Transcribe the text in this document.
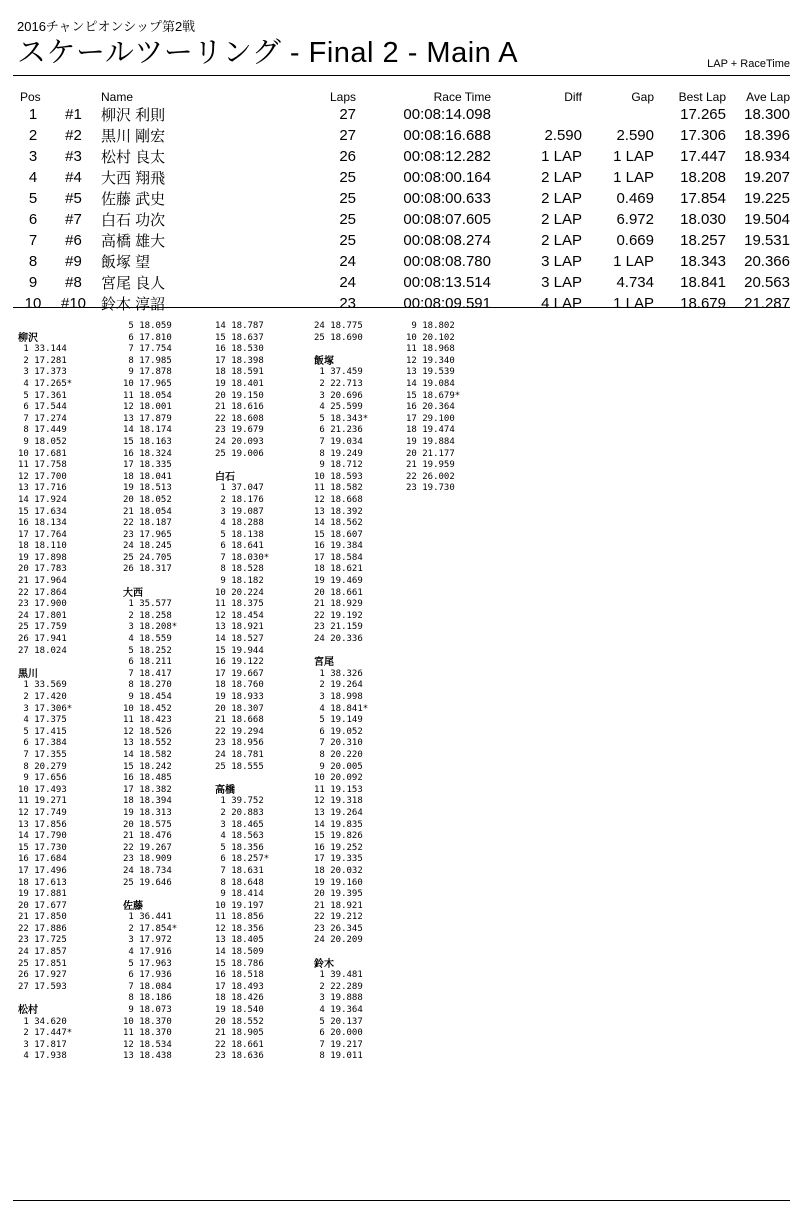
2016チャンピオンシップ第2戦
スケールツーリング - Final 2 - Main A	LAP + RaceTime
Pos		Name	Laps	Race Time	Diff	Gap	Best Lap	Ave Lap
1	#1	柳沢 利則	27	00:08:14.098			17.265	18.300
2	#2	黒川 剛宏	27	00:08:16.688	2.590	2.590	17.306	18.396
3	#3	松村 良太	26	00:08:12.282	1 LAP	1 LAP	17.447	18.934
4	#4	大西 翔飛	25	00:08:00.164	2 LAP	1 LAP	18.208	19.207
5	#5	佐藤 武史	25	00:08:00.633	2 LAP	0.469	17.854	19.225
6	#7	白石 功次	25	00:08:07.605	2 LAP	6.972	18.030	19.504
7	#6	高橋 雄大	25	00:08:08.274	2 LAP	0.669	18.257	19.531
8	#9	飯塚 望	24	00:08:08.780	3 LAP	1 LAP	18.343	20.366
9	#8	宮尾 良人	24	00:08:13.514	3 LAP	4.734	18.841	20.563
10	#10	鈴木 淳詔	23	00:08:09.591	4 LAP	1 LAP	18.679	21.287
柳沢
1 33.144
2 17.281
3 17.373
4 17.265*
5 17.361
6 17.544
7 17.274
8 17.449
9 18.052
10 17.681
11 17.758
12 17.700
13 17.716
14 17.924
15 17.634
16 18.134
17 17.764
18 18.110
19 17.898
20 17.783
21 17.964
22 17.864
23 17.900
24 17.801
25 17.759
26 17.941
27 18.024
黒川
1 33.569
2 17.420
3 17.306*
4 17.375
5 17.415
6 17.384
7 17.355
8 20.279
9 17.656
10 17.493
11 19.271
12 17.749
13 17.856
14 17.790
15 17.730
16 17.684
17 17.496
18 17.613
19 17.881
20 17.677
21 17.850
22 17.886
23 17.725
24 17.857
25 17.851
26 17.927
27 17.593
松村
1 34.620
2 17.447*
3 17.817
4 17.938
5 18.059
6 17.810
7 17.754
8 17.985
9 17.878
10 17.965
11 18.054
12 18.001
13 17.879
14 18.174
15 18.163
16 18.324
17 18.335
18 18.041
19 18.513
20 18.052
21 18.054
22 18.187
23 17.965
24 18.245
25 24.705
26 18.317
大西
1 35.577
2 18.258
3 18.208*
4 18.559
5 18.252
6 18.211
7 18.417
8 18.270
9 18.454
10 18.452
11 18.423
12 18.526
13 18.552
14 18.582
15 18.242
16 18.485
17 18.382
18 18.394
19 18.313
20 18.575
21 18.476
22 19.267
23 18.909
24 18.734
25 19.646
佐藤
1 36.441
2 17.854*
3 17.972
4 17.916
5 17.963
6 17.936
7 18.084
8 18.186
9 18.073
10 18.370
11 18.370
12 18.534
13 18.438
14 18.787
15 18.637
16 18.530
17 18.398
18 18.591
19 18.401
20 19.150
21 18.616
22 18.608
23 19.679
24 20.093
25 19.006
白石
1 37.047
2 18.176
3 19.087
4 18.288
5 18.138
6 18.641
7 18.030*
8 18.528
9 18.182
10 20.224
11 18.375
12 18.454
13 18.921
14 18.527
15 19.944
16 19.122
17 19.667
18 18.760
19 18.933
20 18.307
21 18.668
22 19.294
23 18.956
24 18.781
25 18.555
高橋
1 39.752
2 20.883
3 18.465
4 18.563
5 18.356
6 18.257*
7 18.631
8 18.648
9 18.414
10 19.197
11 18.856
12 18.356
13 18.405
14 18.509
15 18.786
16 18.518
17 18.493
18 18.426
19 18.540
20 18.552
21 18.905
22 18.661
23 18.636
24 18.775
25 18.690
飯塚
1 37.459
2 22.713
3 20.696
4 25.599
5 18.343*
6 21.236
7 19.034
8 19.249
9 18.712
10 18.593
11 18.582
12 18.668
13 18.392
14 18.562
15 18.607
16 19.384
17 18.584
18 18.621
19 19.469
20 18.661
21 18.929
22 19.192
23 21.159
24 20.336
宮尾
1 38.326
2 19.264
3 18.998
4 18.841*
5 19.149
6 19.052
7 20.310
8 20.220
9 20.005
10 20.092
11 19.153
12 19.318
13 19.264
14 19.835
15 19.826
16 19.252
17 19.335
18 20.032
19 19.160
20 19.395
21 18.921
22 19.212
23 26.345
24 20.209
鈴木
1 39.481
2 22.289
3 19.888
4 19.364
5 20.137
6 20.000
7 19.217
8 19.011
9 18.802
10 20.102
11 18.968
12 19.340
13 19.539
14 19.084
15 18.679*
16 20.364
17 29.100
18 19.474
19 19.884
20 21.177
21 19.959
22 26.002
23 19.730
